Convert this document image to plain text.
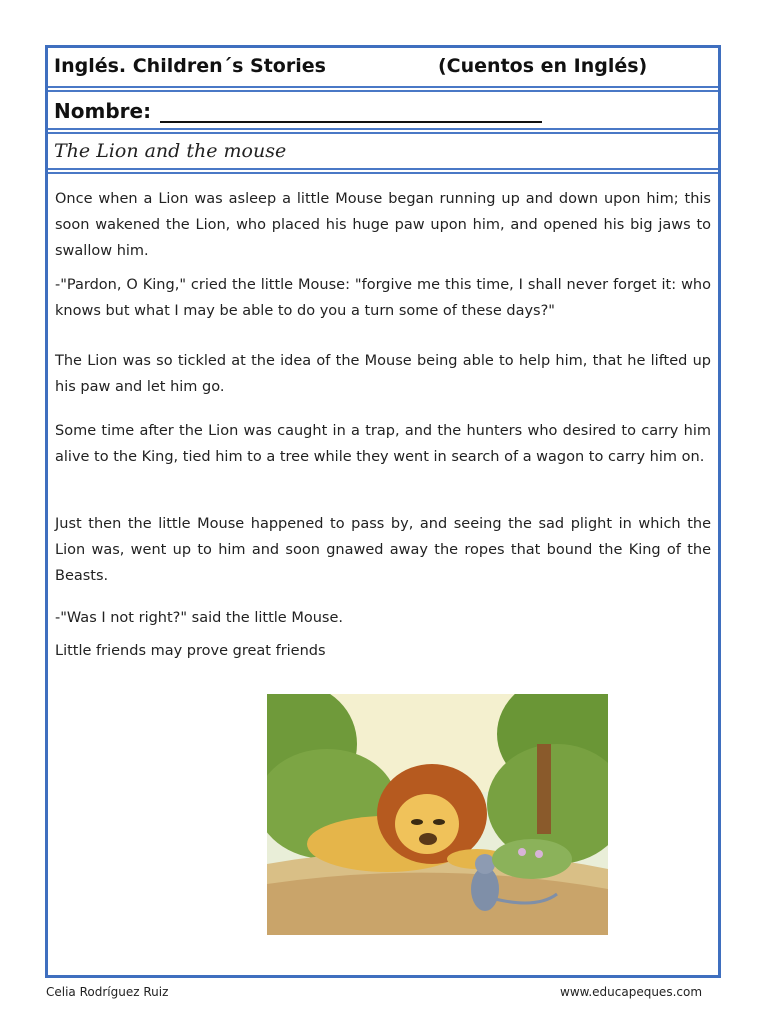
Inglés. Children´s Stories	(Cuentos en Inglés)
Nombre:
The Lion and the mouse
Once when a Lion was asleep a little Mouse began running up and down upon him; this soon wakened the Lion, who placed his huge paw upon him, and opened his big jaws to swallow him.
-"Pardon, O King," cried the little Mouse: "forgive me this time, I shall never forget it: who knows but what I may be able to do you a turn some of these days?"
The Lion was so tickled at the idea of the Mouse being able to help him, that he lifted up his paw and let him go.
Some time after the Lion was caught in a trap, and the hunters who desired to carry him alive to the King, tied him to a tree while they went in search of a wagon to carry him on.
Just then the little Mouse happened to pass by, and seeing the sad plight in which the Lion was, went up to him and soon gnawed away the ropes that bound the King of the Beasts.
-"Was I not right?" said the little Mouse.
Little friends may prove great friends
Celia Rodríguez Ruiz	www.educapeques.com
